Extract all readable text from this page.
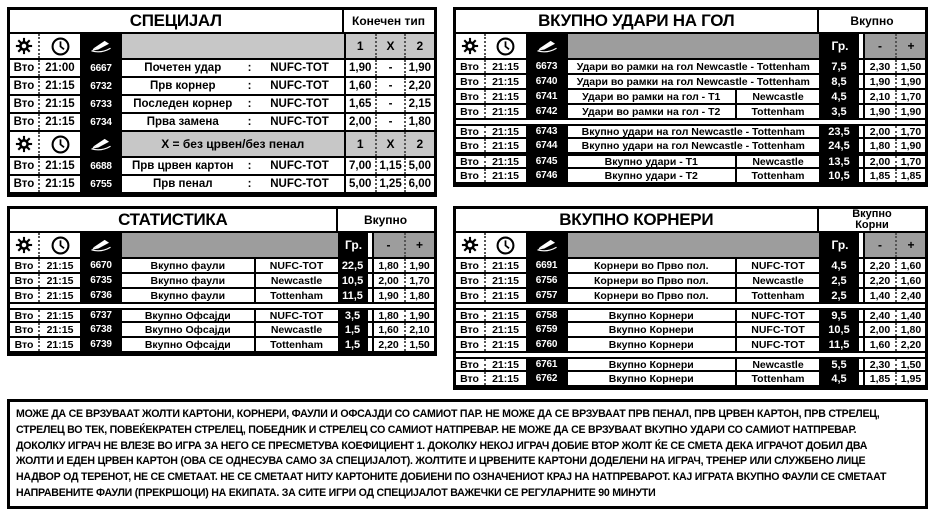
СПЕЦИЈАЛ	Конечен тип
1	X	2
Вто 21:00	6667	Почетен удар	:	NUFC-TOT	1,90	-	1,90
Вто 21:15	6732	Прв корнер	:	NUFC-TOT	1,60	-	2,20
Вто 21:15	6733	Последен корнер	:	NUFC-TOT	1,65	-	2,15
Вто 21:15	6734	Прва замена	:	NUFC-TOT	2,00	-	1,80
Х = без црвен/без пенал	1	X	2
Вто 21:15	6688	Прв црвен картон	:	NUFC-TOT	7,00 1,15 5,00
Вто 21:15	6755	Прв пенал	:	NUFC-TOT	5,00 1,25 6,00
ВКУПНО УДАРИ НА ГОЛ	Вкупно
Гр.	-	+
Вто	21:15	6673	Удари во рамки на гол Newcastle - Tottenham	7,5	2,30	1,50
Вто	21:15	6740	Удари во рамки на гол Newcastle - Tottenham	8,5	1,90	1,90
Вто	21:15	6741	Удари во рамки на гол - Т1	Newcastle	4,5	2,10	1,70
Вто	21:15	6742	Удари во рамки на гол - Т2	Tottenham	3,5	1,90	1,90
Вто	21:15	6743	Вкупно удари на гол Newcastle - Tottenham	23,5	2,00	1,70
Вто	21:15	6744	Вкупно удари на гол Newcastle - Tottenham	24,5	1,80	1,90
Вто	21:15	6745	Вкупно удари - Т1	Newcastle	13,5	2,00	1,70
Вто	21:15	6746	Вкупно удари - Т2	Tottenham	10,5	1,85	1,85
СТАТИСТИКА	Вкупно
Гр.	-	+
Вто	21:15	6670	Вкупно фаули	NUFC-TOT	22,5	1,80	1,90
Вто	21:15	6735	Вкупно фаули	Newcastle	10,5	2,00	1,70
Вто	21:15	6736	Вкупно фаули	Tottenham	11,5	1,90	1,80
Вто	21:15	6737	Вкупно Офсајди	NUFC-TOT	3,5	1,80	1,90
Вто	21:15	6738	Вкупно Офсајди	Newcastle	1,5	1,60	2,10
Вто	21:15	6739	Вкупно Офсајди	Tottenham	1,5	2,20	1,50
ВКУПНО КОРНЕРИ	Вкупно
Корни
Гр.	-	+
Вто	21:15	6691	Корнери во Прво пол.	NUFC-TOT	4,5	2,20	1,60
Вто	21:15	6756	Корнери во Прво пол.	Newcastle	2,5	2,20	1,60
Вто	21:15	6757	Корнери во Прво пол.	Tottenham	2,5	1,40	2,40
Вто	21:15	6758	Вкупно Корнери	NUFC-TOT	9,5	2,40	1,40
Вто	21:15	6759	Вкупно Корнери	NUFC-TOT	10,5	2,00	1,80
Вто	21:15	6760	Вкупно Корнери	NUFC-TOT	11,5	1,60	2,20
Вто	21:15	6761	Вкупно Корнери	Newcastle	5,5	2,30	1,50
Вто	21:15	6762	Вкупно Корнери	Tottenham	4,5	1,85	1,95
МОЖЕ ДА СЕ ВРЗУВААТ ЖОЛТИ КАРТОНИ, КОРНЕРИ, ФАУЛИ И ОФСАЈДИ СО САМИОТ ПАР. НЕ МОЖЕ ДА СЕ ВРЗУВААТ ПРВ ПЕНАЛ, ПРВ ЦРВЕН КАРТОН, ПРВ СТРЕЛЕЦ,
СТРЕЛЕЦ ВО ТЕК, ПОВЕЌЕКРАТЕН СТРЕЛЕЦ, ПОБЕДНИК И СТРЕЛЕЦ СО САМИОТ НАТПРЕВАР. НЕ МОЖЕ ДА СЕ ВРЗУВААТ ВКУПНО УДАРИ СО САМИОТ НАТПРЕВАР.
ДОКОЛКУ ИГРАЧ НЕ ВЛЕЗЕ ВО ИГРА ЗА НЕГО СЕ ПРЕСМЕТУВА КОЕФИЦИЕНТ 1. ДОКОЛКУ НЕКОЈ ИГРАЧ ДОБИЕ ВТОР ЖОЛТ ЌЕ СЕ СМЕТА ДЕКА ИГРАЧОТ ДОБИЛ ДВА
ЖОЛТИ И ЕДЕН ЦРВЕН КАРТОН (ОВА СЕ ОДНЕСУВА САМО ЗА СПЕЦИЈАЛОТ). ЖОЛТИТЕ И ЦРВЕНИТЕ КАРТОНИ ДОДЕЛЕНИ НА ИГРАЧ, ТРЕНЕР ИЛИ СЛУЖБЕНО ЛИЦЕ
НАДВОР ОД ТЕРЕНОТ, НЕ СЕ СМЕТААТ. НЕ СЕ СМЕТААТ НИТУ КАРТОНИТЕ ДОБИЕНИ ПО ОЗНАЧЕНИОТ КРАЈ НА НАТПРЕВАРОТ. КАЈ ИГРАТА ВКУПНО ФАУЛИ СЕ СМЕТААТ
НАПРАВЕНИТЕ ФАУЛИ (ПРЕКРШОЦИ) НА ЕКИПАТА. ЗА СИТЕ ИГРИ ОД СПЕЦИЈАЛОТ ВАЖЕЧКИ СЕ РЕГУЛАРНИТЕ 90 МИНУТИ
